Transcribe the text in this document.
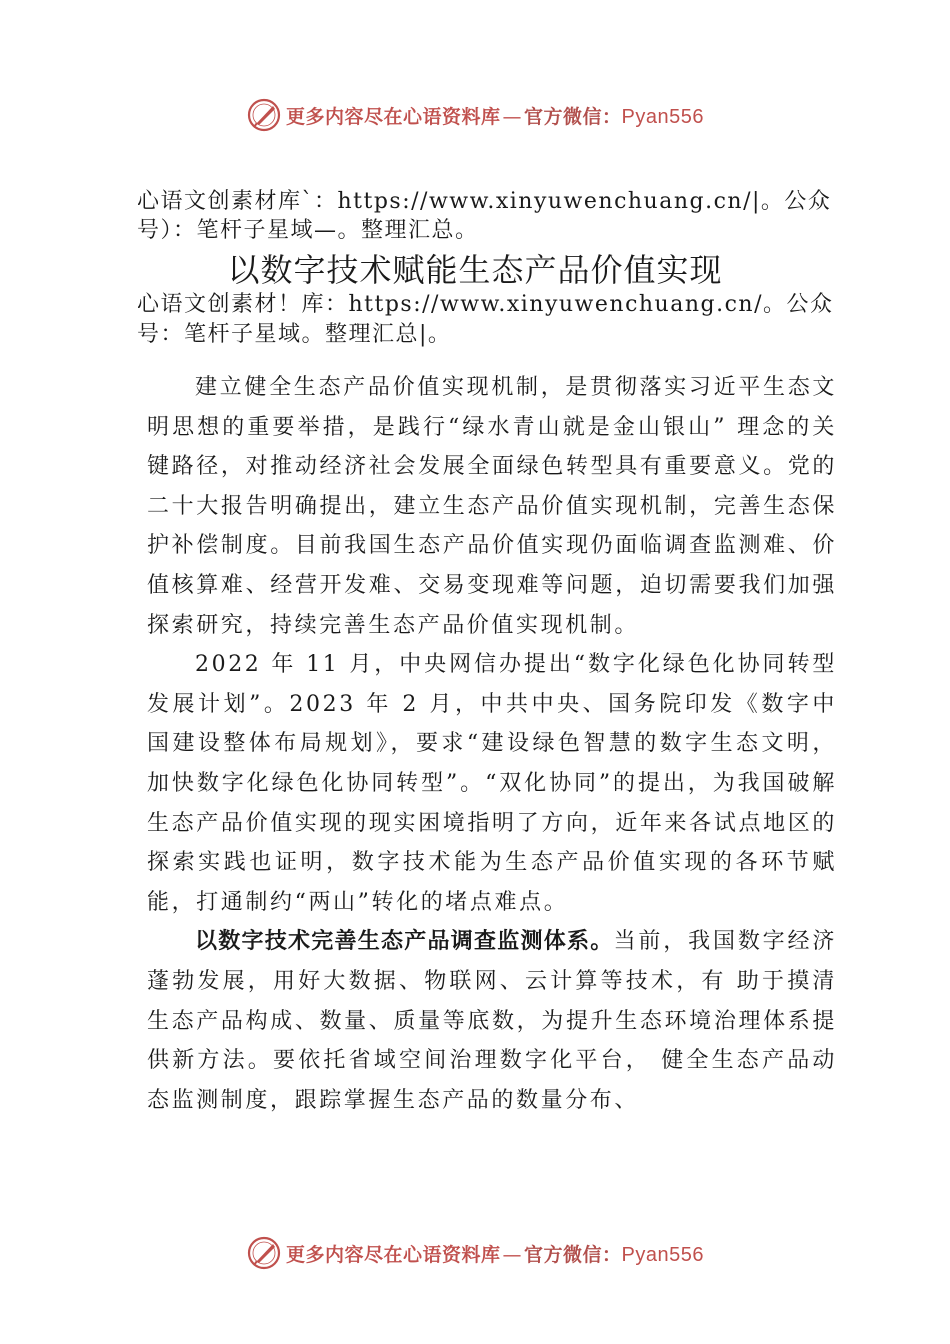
更多内容尽在心语资料库 — 官方微信：Pyan556
心语文创素材库`：https://www.xinyuwenchuang.cn/|。公众
号）：笔杆子星域—。整理汇总。
以数字技术赋能生态产品价值实现
心语文创素材！库：https://www.xinyuwenchuang.cn/。公众
号：笔杆子星域。整理汇总|。

建立健全生态产品价值实现机制，是贯彻落实习近平生态文明思想的重要举措，是践行“绿水青山就是金山银山” 理念的关键路径，对推动经济社会发展全面绿色转型具有重要意义。党的二十大报告明确提出，建立生态产品价值实现机制，完善生态保护补偿制度。目前我国生态产品价值实现仍面临调查监测难、价值核算难、经营开发难、交易变现难等问题，迫切需要我们加强探索研究，持续完善生态产品价值实现机制。

2022 年 11 月，中央网信办提出“数字化绿色化协同转型发展计划”。2023 年 2 月，中共中央、国务院印发《数字中国建设整体布局规划》，要求“建设绿色智慧的数字生态文明，加快数字化绿色化协同转型”。“双化协同”的提出，为我国破解生态产品价值实现的现实困境指明了方向，近年来各试点地区的探索实践也证明，数字技术能为生态产品价值实现的各环节赋能，打通制约“两山”转化的堵点难点。

以数字技术完善生态产品调查监测体系。当前，我国数字经济蓬勃发展，用好大数据、物联网、云计算等技术，有 助于摸清生态产品构成、数量、质量等底数，为提升生态环境治理体系提供新方法。要依托省域空间治理数字化平台， 健全生态产品动态监测制度，跟踪掌握生态产品的数量分布、

更多内容尽在心语资料库 — 官方微信：Pyan556
